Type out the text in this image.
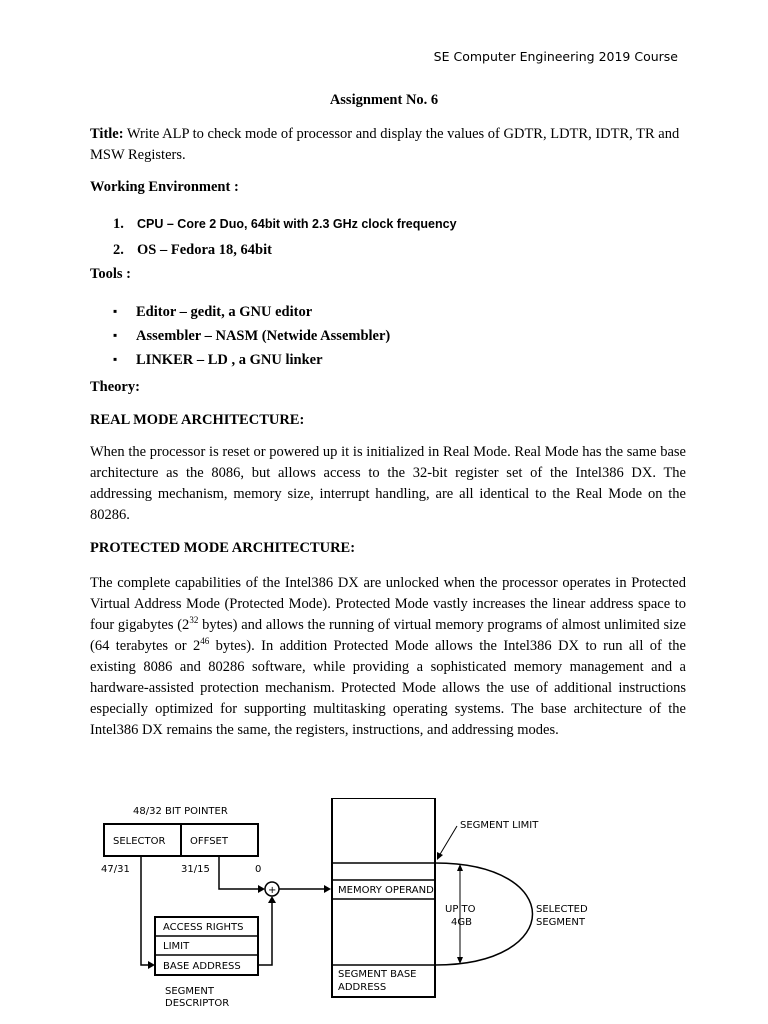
SE Computer Engineering 2019 Course
Assignment No. 6
Title: Write ALP to check mode of processor and display the values of GDTR, LDTR, IDTR, TR and MSW Registers.
Working Environment :
1. CPU – Core 2 Duo, 64bit with 2.3 GHz clock frequency
2. OS – Fedora 18, 64bit
Tools :
▪ Editor – gedit, a GNU editor
▪ Assembler – NASM (Netwide Assembler)
▪ LINKER – LD , a GNU linker
Theory:
REAL MODE ARCHITECTURE:
When the processor is reset or powered up it is initialized in Real Mode. Real Mode has the same base architecture as the 8086, but allows access to the 32-bit register set of the Intel386 DX. The addressing mechanism, memory size, interrupt handling, are all identical to the Real Mode on the 80286.
PROTECTED MODE ARCHITECTURE:
The complete capabilities of the Intel386 DX are unlocked when the processor operates in Protected Virtual Address Mode (Protected Mode). Protected Mode vastly increases the linear address space to four gigabytes ($2^{32}$ bytes) and allows the running of virtual memory programs of almost unlimited size (64 terabytes or $2^{46}$ bytes). In addition Protected Mode allows the Intel386 DX to run all of the existing 8086 and 80286 software, while providing a sophisticated memory management and a hardware-assisted protection mechanism. Protected Mode allows the use of additional instructions especially optimized for supporting multitasking operating systems. The base architecture of the Intel386 DX remains the same, the registers, instructions, and addressing modes.
48/32 BIT POINTER
SELECTOR OFFSET
47/31	31/15	0
+
ACCESS RIGHTS
LIMIT
BASE ADDRESS
SEGMENT
DESCRIPTOR
MEMORY OPERAND
SEGMENT BASE
ADDRESS
UP TO
4GB
SELECTED
SEGMENT
SEGMENT LIMIT
